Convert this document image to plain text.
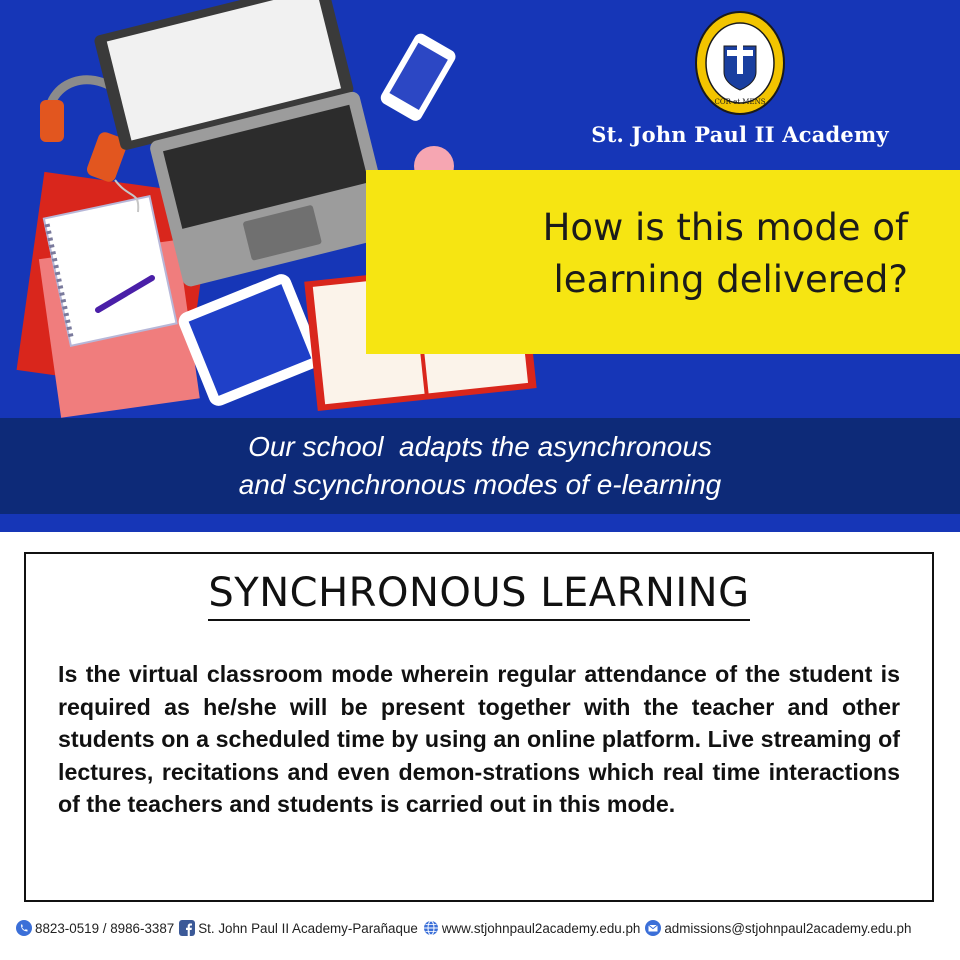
COR et MENS
St. John Paul II Academy
How is this mode of
learning delivered?
Our school  adapts the asynchronous
and scynchronous modes of e-learning
SYNCHRONOUS LEARNING

Is the virtual classroom mode wherein regular attendance of the student is required as he/she will be present together with the teacher and other students on a scheduled time by using an online platform. Live streaming of lectures, recitations and even demon-strations which real time interactions of the teachers and students is carried out in this mode.

8823-0519 / 8986-3387 St. John Paul II Academy-Parañaque www.stjohnpaul2academy.edu.ph admissions@stjohnpaul2academy.edu.ph
